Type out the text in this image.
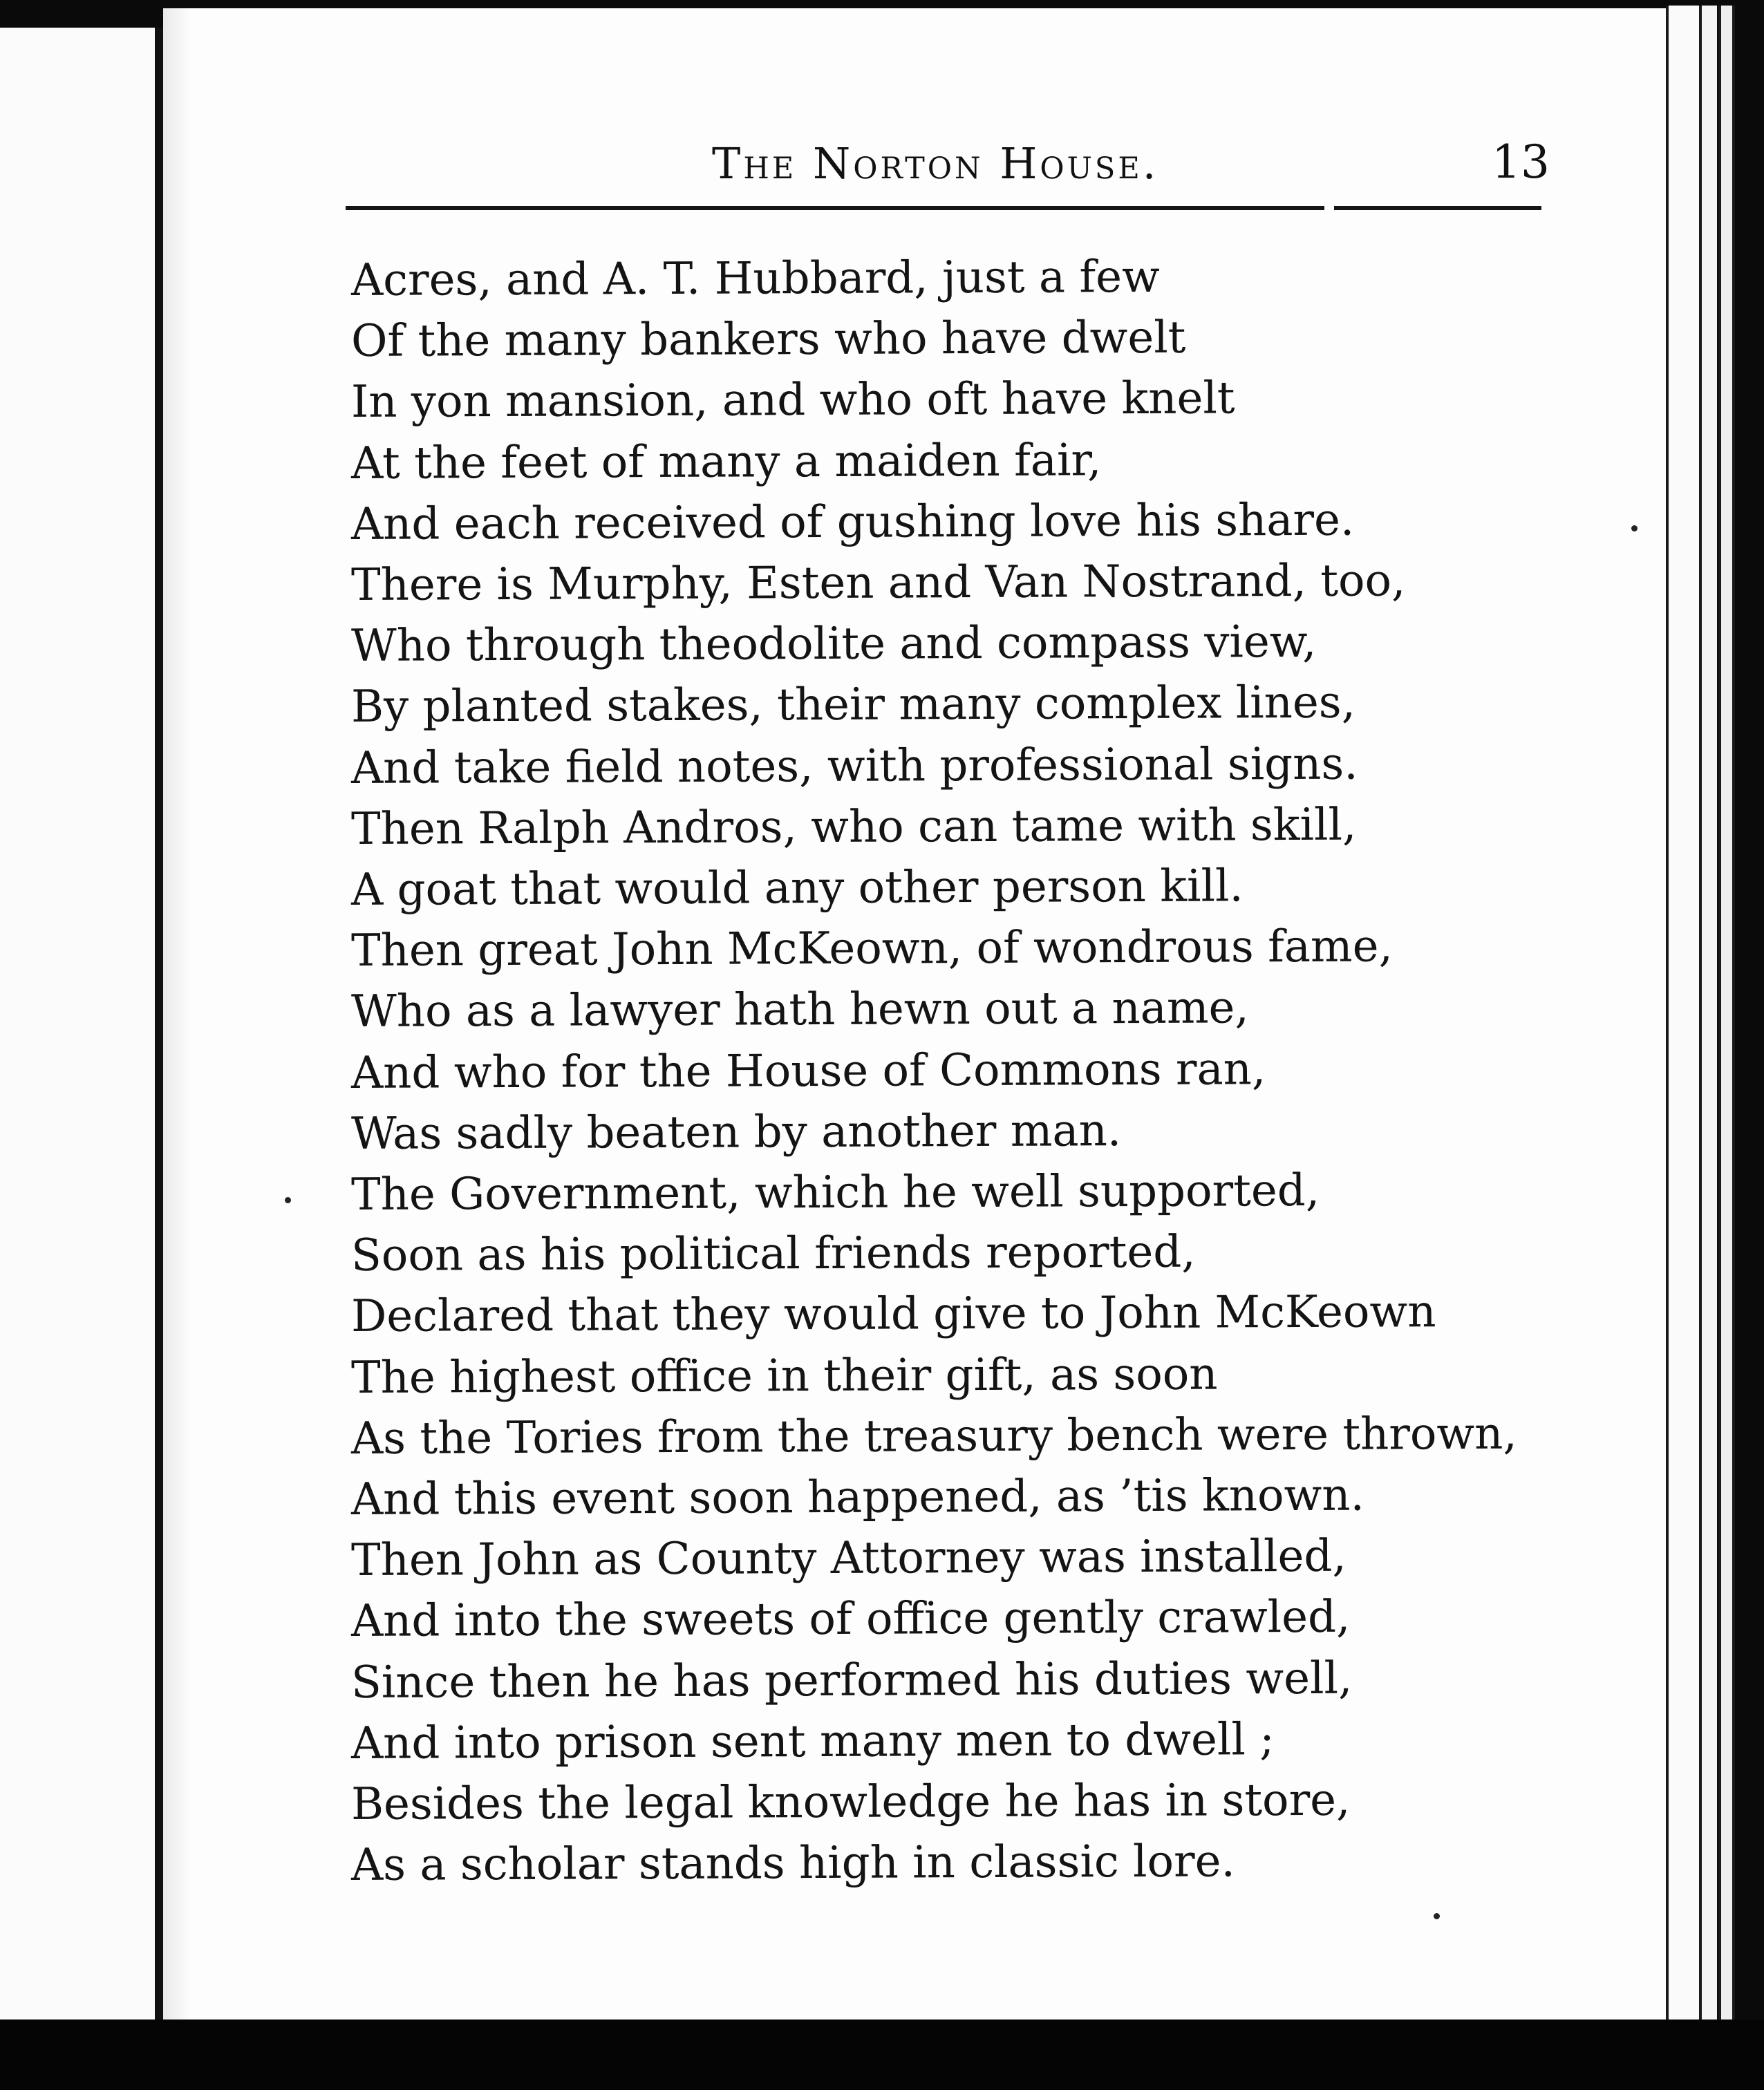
The Norton House.	13
Acres, and A. T. Hubbard, just a few
Of the many bankers who have dwelt
In yon mansion, and who oft have knelt
At the feet of many a maiden fair,
And each received of gushing love his share.
There is Murphy, Esten and Van Nostrand, too,
Who through theodolite and compass view,
By planted stakes, their many complex lines,
And take field notes, with professional signs.
Then Ralph Andros, who can tame with skill,
A goat that would any other person kill.
Then great John McKeown, of wondrous fame,
Who as a lawyer hath hewn out a name,
And who for the House of Commons ran,
Was sadly beaten by another man.
The Government, which he well supported,
Soon as his political friends reported,
Declared that they would give to John McKeown
The highest office in their gift, as soon
As the Tories from the treasury bench were thrown,
And this event soon happened, as ’tis known.
Then John as County Attorney was installed,
And into the sweets of office gently crawled,
Since then he has performed his duties well,
And into prison sent many men to dwell ;
Besides the legal knowledge he has in store,
As a scholar stands high in classic lore.
